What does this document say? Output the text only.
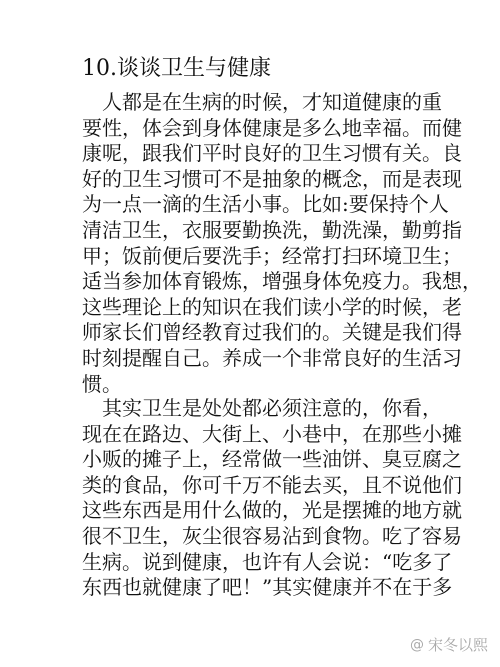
10.谈谈卫生与健康
　人都是在生病的时候，才知道健康的重
要性，体会到身体健康是多么地幸福。而健
康呢，跟我们平时良好的卫生习惯有关。良
好的卫生习惯可不是抽象的概念，而是表现
为一点一滴的生活小事。比如:要保持个人
清洁卫生，衣服要勤换洗，勤洗澡，勤剪指
甲；饭前便后要洗手；经常打扫环境卫生；
适当参加体育锻炼，增强身体免疫力。我想，
这些理论上的知识在我们读小学的时候，老
师家长们曾经教育过我们的。关键是我们得
时刻提醒自己。养成一个非常良好的生活习
惯。
　其实卫生是处处都必须注意的，你看，
现在在路边、大街上、小巷中，在那些小摊
小贩的摊子上，经常做一些油饼、臭豆腐之
类的食品，你可千万不能去买，且不说他们
这些东西是用什么做的，光是摆摊的地方就
很不卫生，灰尘很容易沾到食物。吃了容易
生病。说到健康，也许有人会说：“吃多了
东西也就健康了吧！”其实健康并不在于多
@ 宋冬以熙
